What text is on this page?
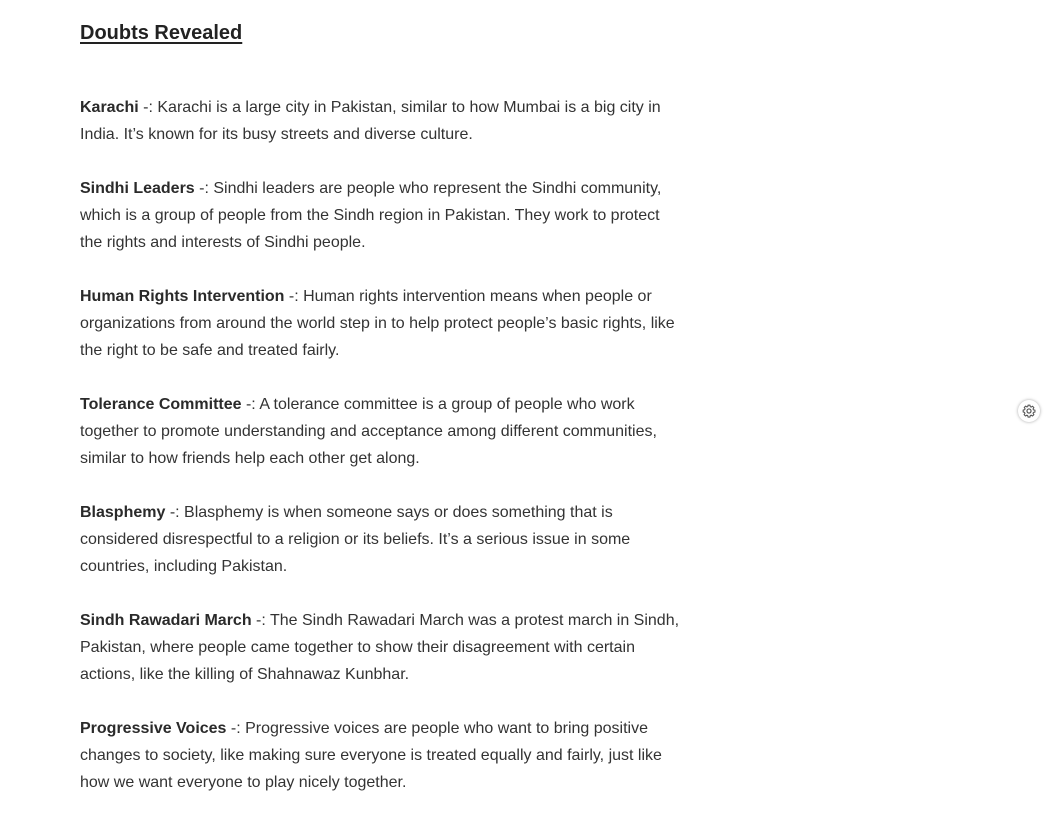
Doubts Revealed

Karachi -: Karachi is a large city in Pakistan, similar to how Mumbai is a big city in India. It’s known for its busy streets and diverse culture.

Sindhi Leaders -: Sindhi leaders are people who represent the Sindhi community, which is a group of people from the Sindh region in Pakistan. They work to protect the rights and interests of Sindhi people.

Human Rights Intervention -: Human rights intervention means when people or organizations from around the world step in to help protect people’s basic rights, like the right to be safe and treated fairly.

Tolerance Committee -: A tolerance committee is a group of people who work together to promote understanding and acceptance among different communities, similar to how friends help each other get along.

Blasphemy -: Blasphemy is when someone says or does something that is considered disrespectful to a religion or its beliefs. It’s a serious issue in some countries, including Pakistan.

Sindh Rawadari March -: The Sindh Rawadari March was a protest march in Sindh, Pakistan, where people came together to show their disagreement with certain actions, like the killing of Shahnawaz Kunbhar.

Progressive Voices -: Progressive voices are people who want to bring positive changes to society, like making sure everyone is treated equally and fairly, just like how we want everyone to play nicely together.
